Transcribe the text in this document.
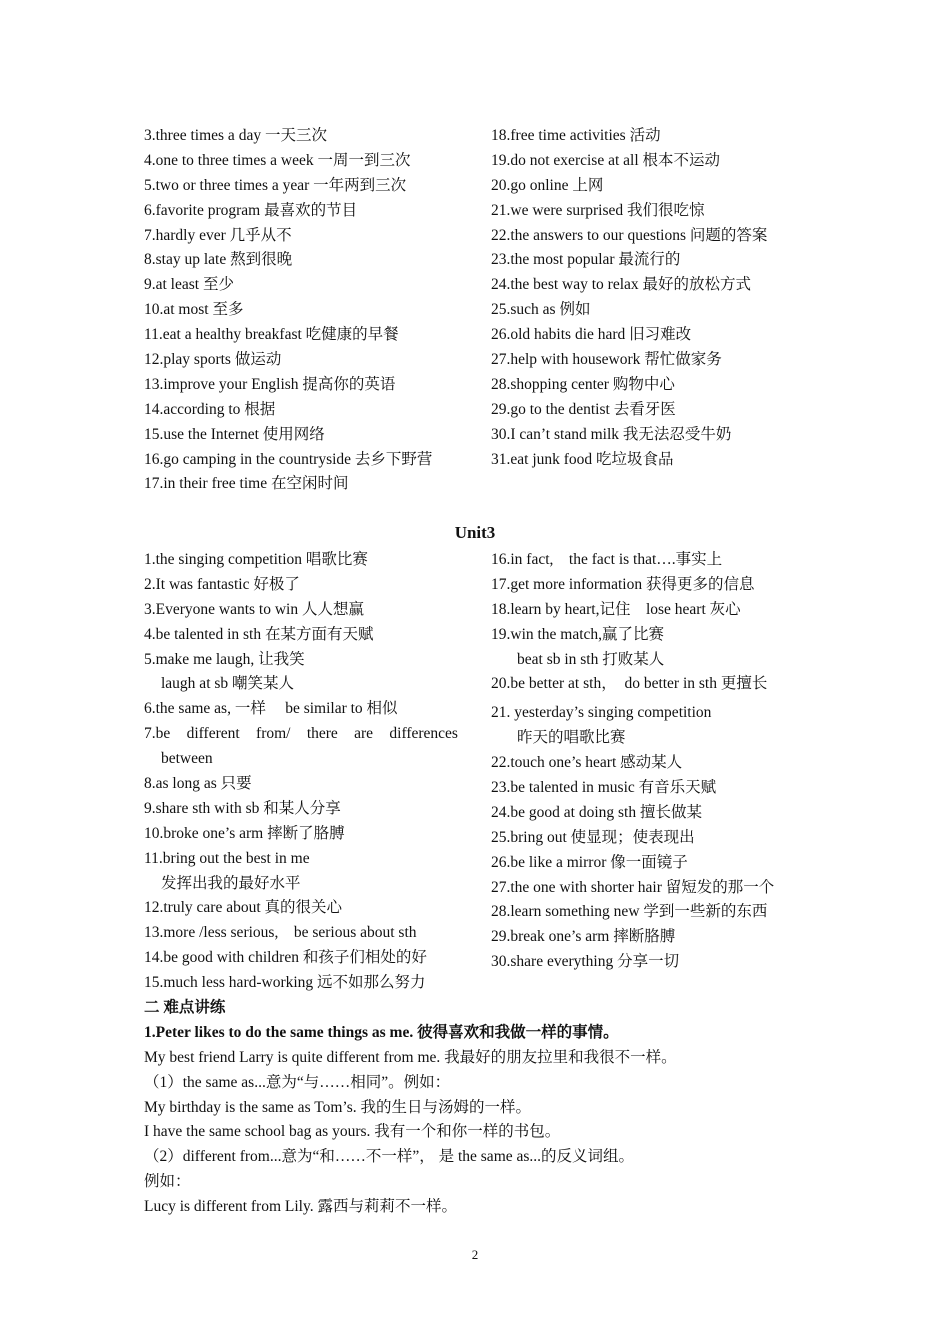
3.three times a day 一天三次
4.one to three times a week 一周一到三次
5.two or three times a year 一年两到三次
6.favorite program 最喜欢的节目
7.hardly ever 几乎从不
8.stay up late 熬到很晚
9.at least 至少
10.at most 至多
11.eat a healthy breakfast 吃健康的早餐
12.play sports 做运动
13.improve your English 提高你的英语
14.according to 根据
15.use the Internet 使用网络
16.go camping in the countryside 去乡下野营
17.in their free time 在空闲时间
18.free time activities 活动
19.do not exercise at all 根本不运动
20.go online 上网
21.we were surprised 我们很吃惊
22.the answers to our questions 问题的答案
23.the most popular 最流行的
24.the best way to relax 最好的放松方式
25.such as 例如
26.old habits die hard 旧习难改
27.help with housework 帮忙做家务
28.shopping center 购物中心
29.go to the dentist 去看牙医
30.I can’t stand milk 我无法忍受牛奶
31.eat junk food 吃垃圾食品
Unit3
1.the singing competition 唱歌比赛
2.It was fantastic 好极了
3.Everyone wants to win 人人想赢
4.be talented in sth 在某方面有天赋
5.make me laugh, 让我笑
laugh at sb 嘲笑某人
6.the same as, 一样　 be similar to 相似
7.be different from/ there are differences
between
8.as long as 只要
9.share sth with sb 和某人分享
10.broke one’s arm 摔断了胳膊
11.bring out the best in me
发挥出我的最好水平
12.truly care about 真的很关心
13.more /less serious,　be serious about sth
14.be good with children 和孩子们相处的好
15.much less hard-working 远不如那么努力
16.in fact,　the fact is that….事实上
17.get more information 获得更多的信息
18.learn by heart,记住　lose heart 灰心
19.win the match,赢了比赛
beat sb in sth 打败某人
20.be better at sth，　do better in sth 更擅长
21. yesterday’s singing competition
昨天的唱歌比赛
22.touch one’s heart 感动某人
23.be talented in music 有音乐天赋
24.be good at doing sth 擅长做某
25.bring out 使显现；使表现出
26.be like a mirror 像一面镜子
27.the one with shorter hair 留短发的那一个
28.learn something new 学到一些新的东西
29.break one’s arm 摔断胳膊
30.share everything 分享一切
二 难点讲练
1.Peter likes to do the same things as me. 彼得喜欢和我做一样的事情。
My best friend Larry is quite different from me. 我最好的朋友拉里和我很不一样。
（1）the same as...意为“与……相同”。例如：
My birthday is the same as Tom’s. 我的生日与汤姆的一样。
I have the same school bag as yours. 我有一个和你一样的书包。
（2）different from...意为“和……不一样”， 是 the same as...的反义词组。
例如：
Lucy is different from Lily. 露西与莉莉不一样。
2
